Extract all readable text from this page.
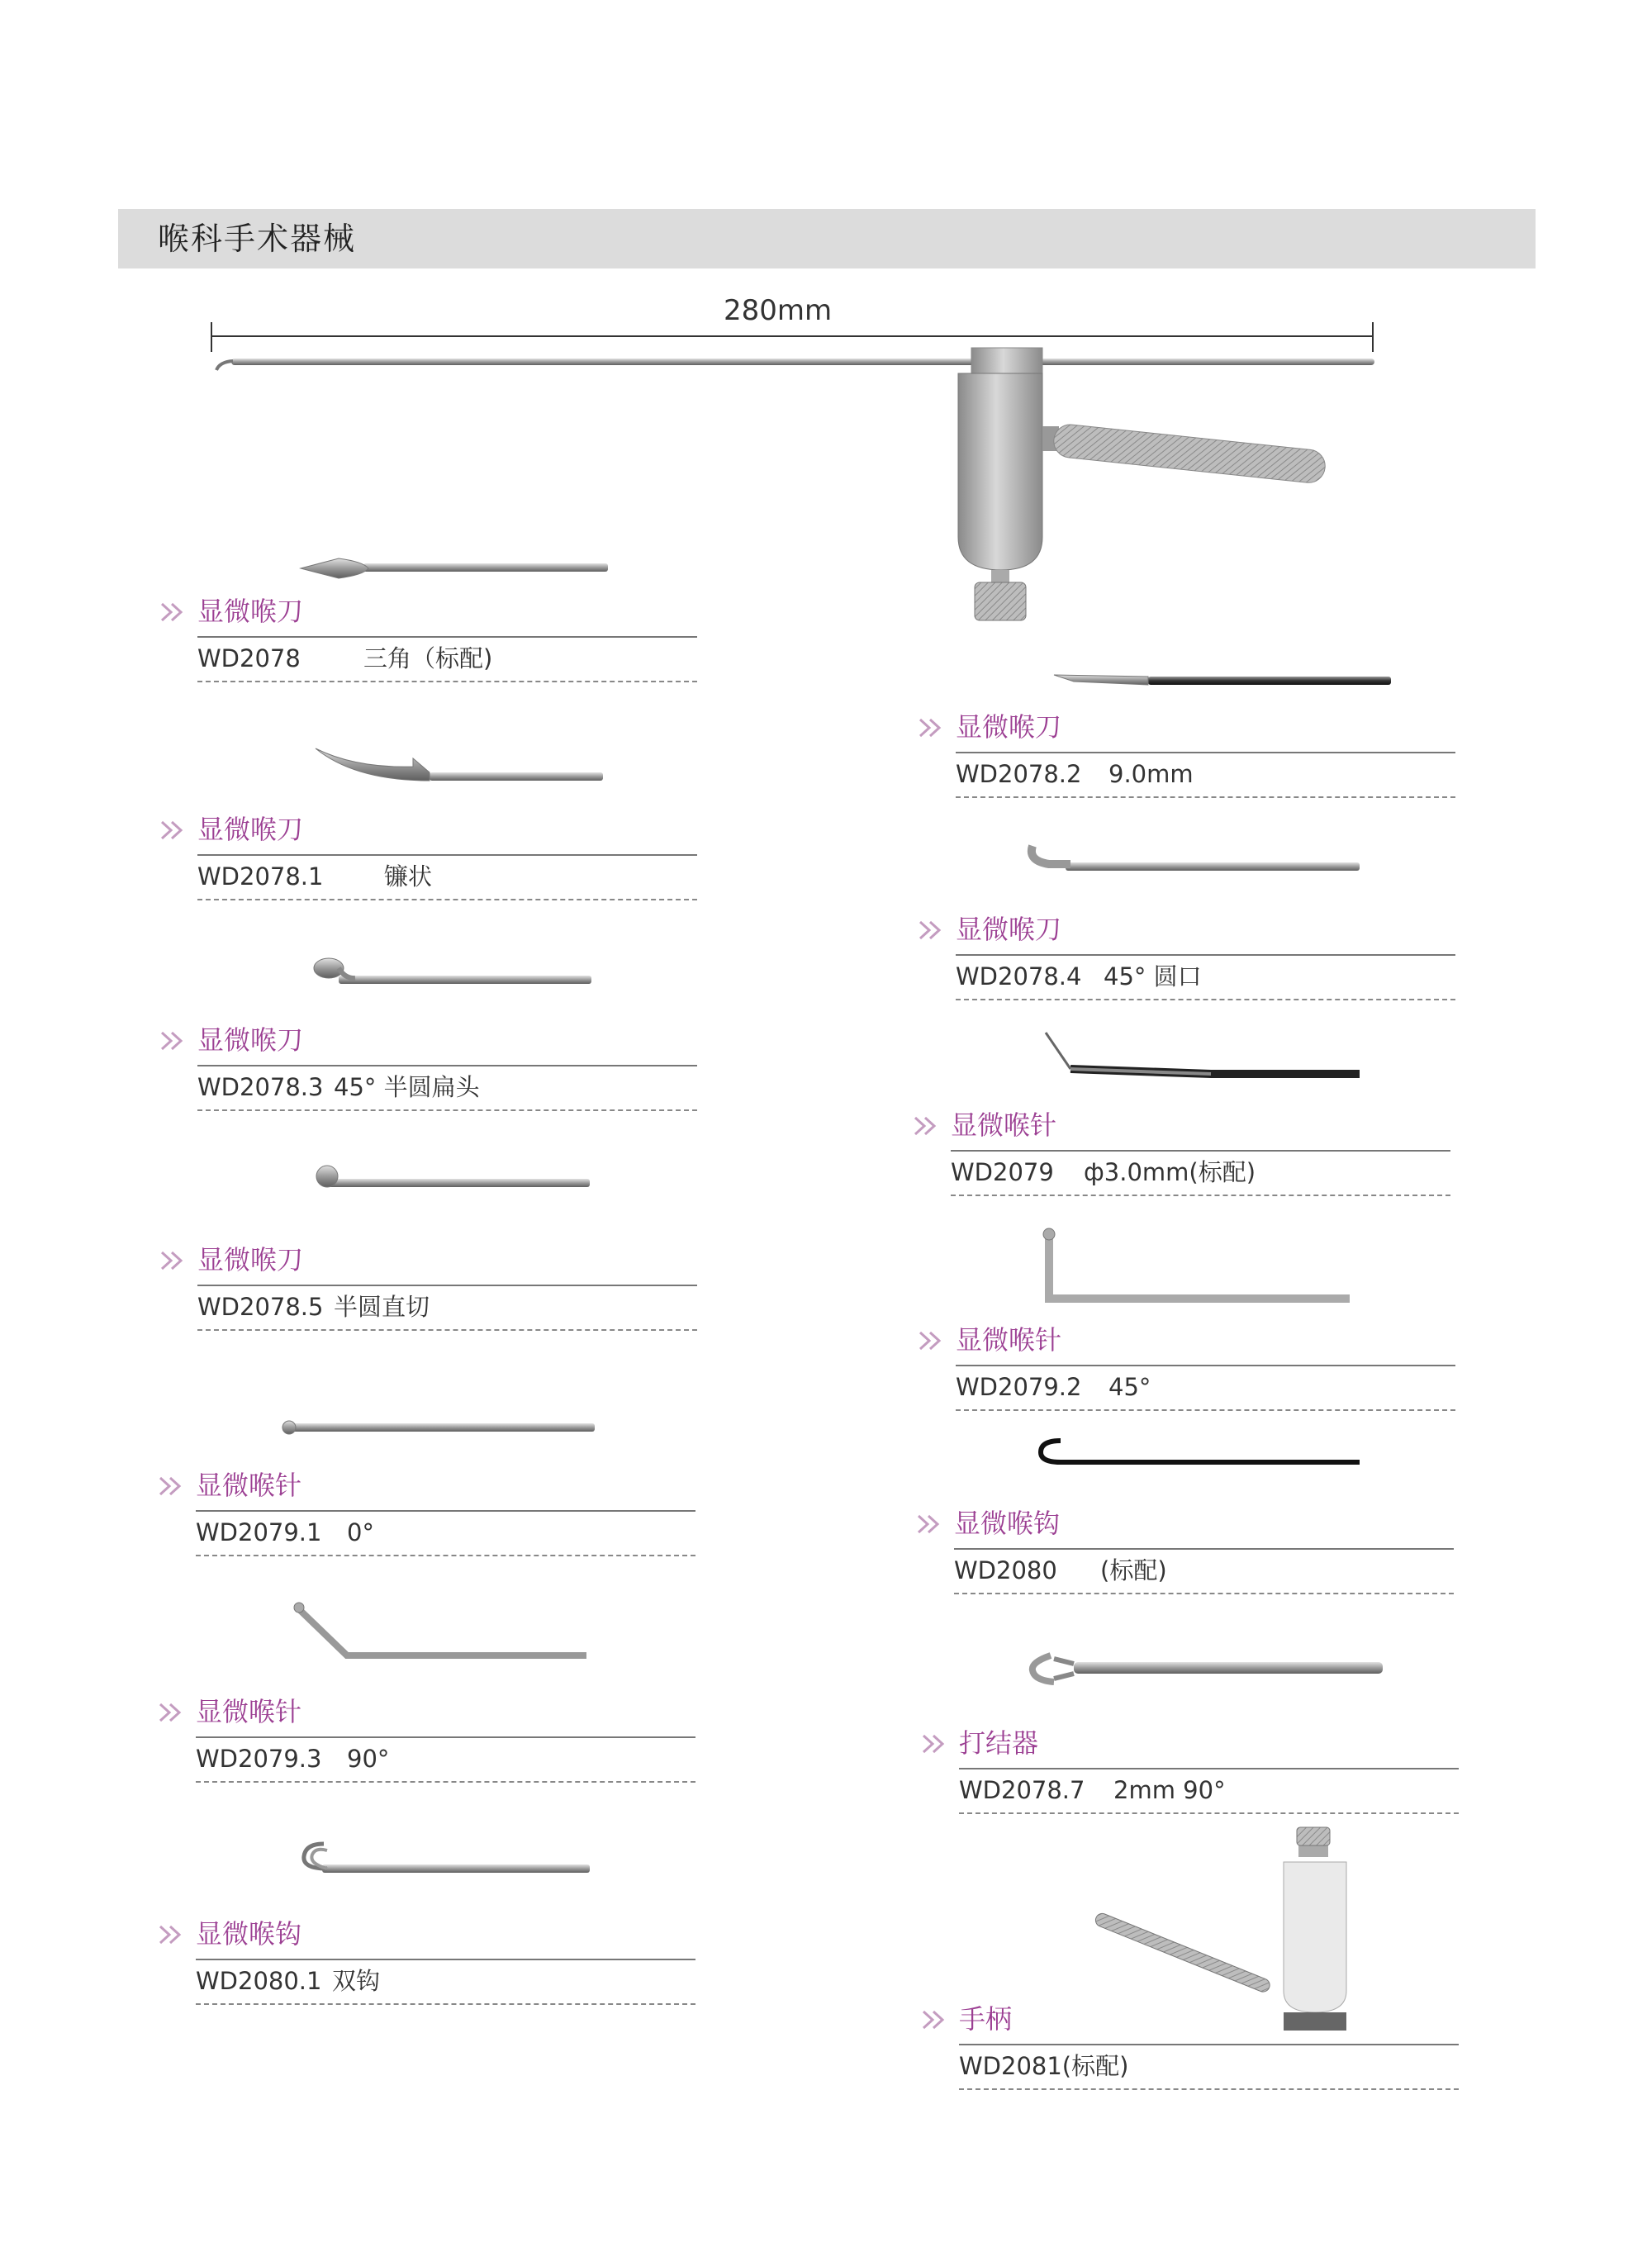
喉科手术器械
280mm
显微喉刀
WD2078	三角（标配)
显微喉刀
WD2078.1	镰状
显微喉刀
WD2078.3 45° 半圆扁头
显微喉刀
WD2078.5 半圆直切
显微喉针
WD2079.1 0°
显微喉针
WD2079.3 90°
显微喉钩
WD2080.1 双钩
显微喉刀
WD2078.2 9.0mm
显微喉刀
WD2078.4 45° 圆口
显微喉针
WD2079 ф3.0mm(标配)
显微喉针
WD2079.2 45°
显微喉钩
WD2080 (标配)
打结器
WD2078.7 2mm 90°
手柄
WD2081(标配)
